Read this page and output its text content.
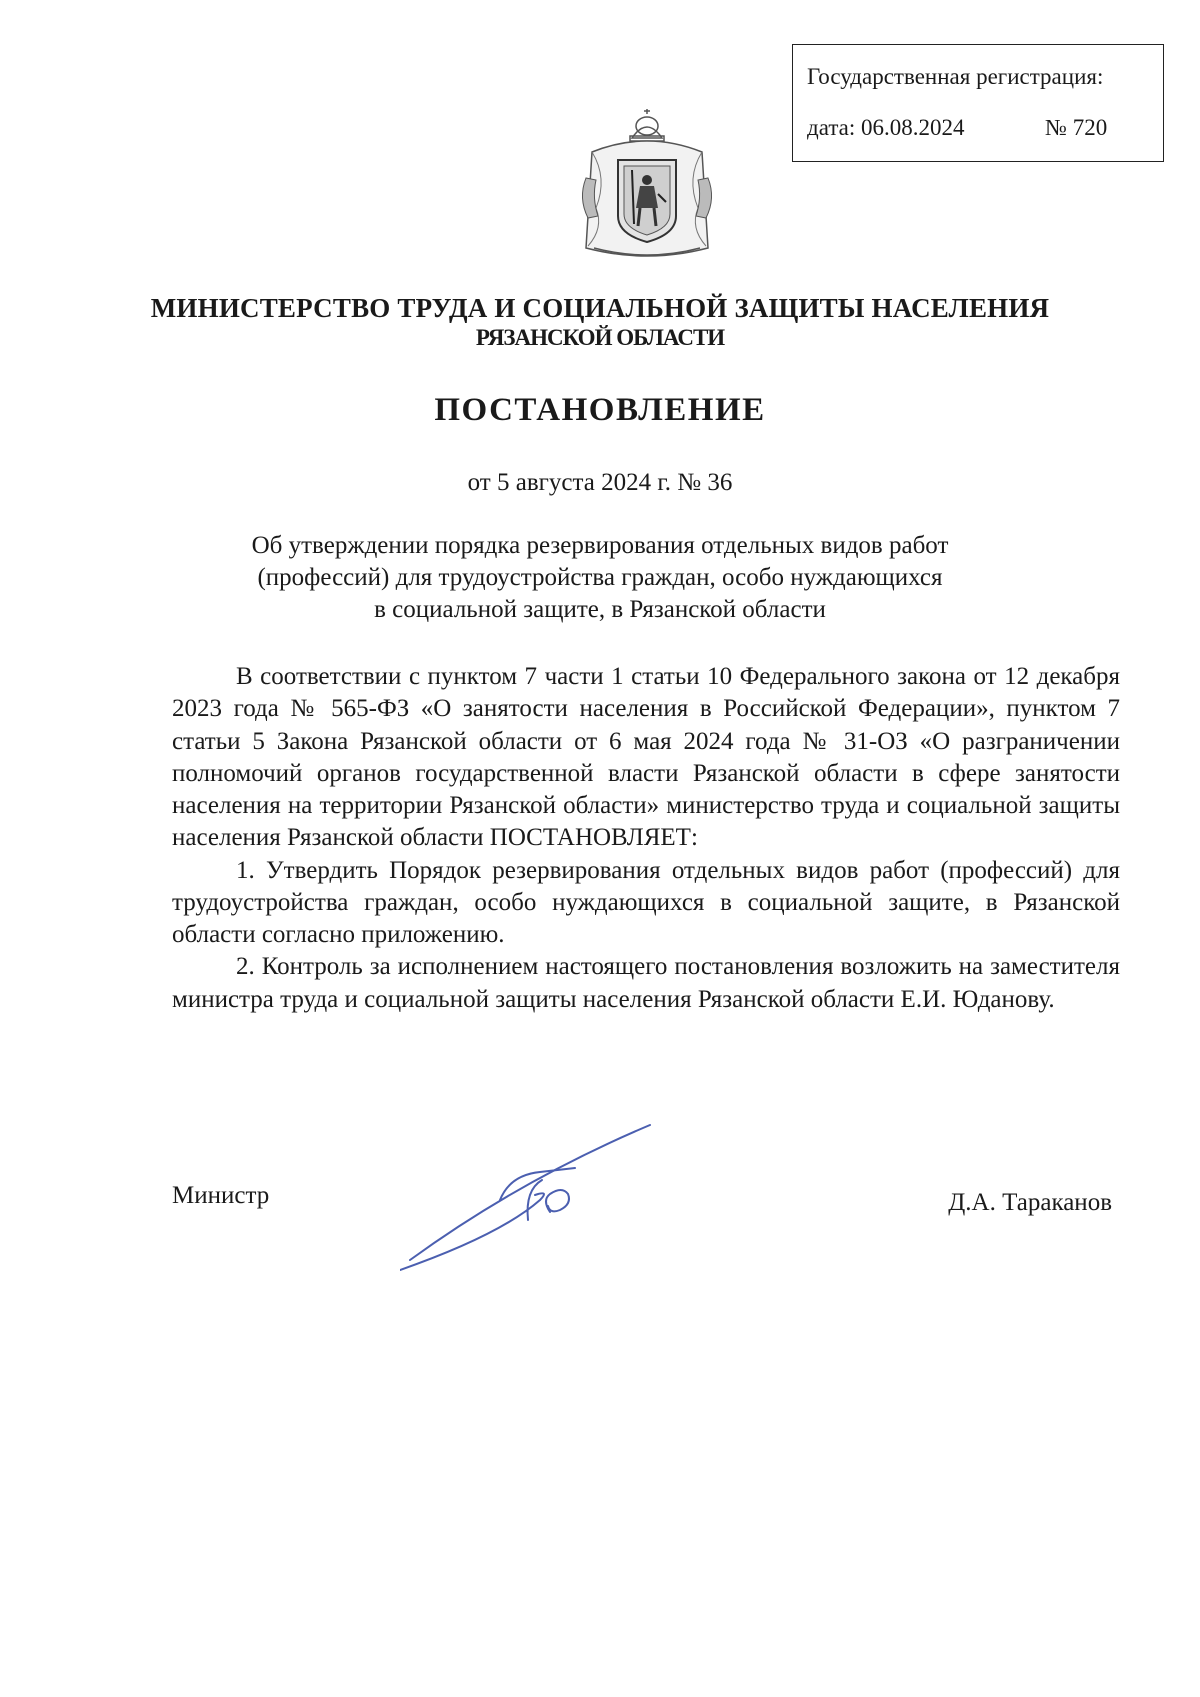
Государственная регистрация:
дата: 06.08.2024	№ 720
МИНИСТЕРСТВО ТРУДА И СОЦИАЛЬНОЙ ЗАЩИТЫ НАСЕЛЕНИЯ
РЯЗАНСКОЙ ОБЛАСТИ
ПОСТАНОВЛЕНИЕ
от 5 августа 2024 г. № 36
Об утверждении порядка резервирования отдельных видов работ
(профессий) для трудоустройства граждан, особо нуждающихся
в социальной защите, в Рязанской области

В соответствии с пунктом 7 части 1 статьи 10 Федерального закона от 12 декабря 2023 года № 565-ФЗ «О занятости населения в Российской Федерации», пунктом 7 статьи 5 Закона Рязанской области от 6 мая 2024 года № 31-ОЗ «О разграничении полномочий органов государственной власти Рязанской области в сфере занятости населения на территории Рязанской области» министерство труда и социальной защиты населения Рязанской области ПОСТАНОВЛЯЕТ:

1. Утвердить Порядок резервирования отдельных видов работ (профессий) для трудоустройства граждан, особо нуждающихся в социальной защите, в Рязанской области согласно приложению.

2. Контроль за исполнением настоящего постановления возложить на заместителя министра труда и социальной защиты населения Рязанской области Е.И. Юданову.

Министр	Д.А. Тараканов
